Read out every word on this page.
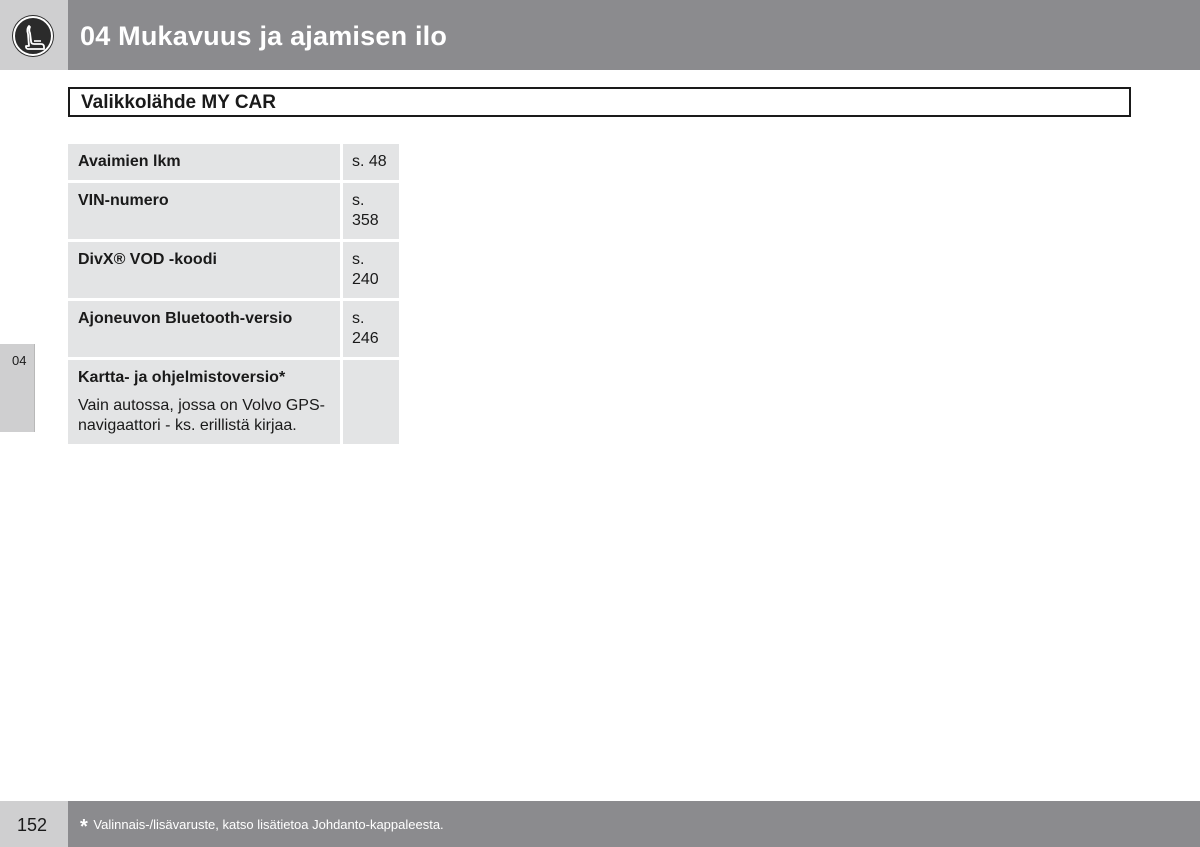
04 Mukavuus ja ajamisen ilo
Valikkolähde MY CAR
04
Avaimien lkm	s. 48
VIN-numero	s. 358
DivX® VOD -koodi	s. 240
Ajoneuvon Bluetooth-versio	s. 246
Kartta- ja ohjelmistoversio*
Vain autossa, jossa on Volvo GPS-navigaattori - ks. erillistä kirjaa.
152 * Valinnais-/lisävaruste, katso lisätietoa Johdanto-kappaleesta.
